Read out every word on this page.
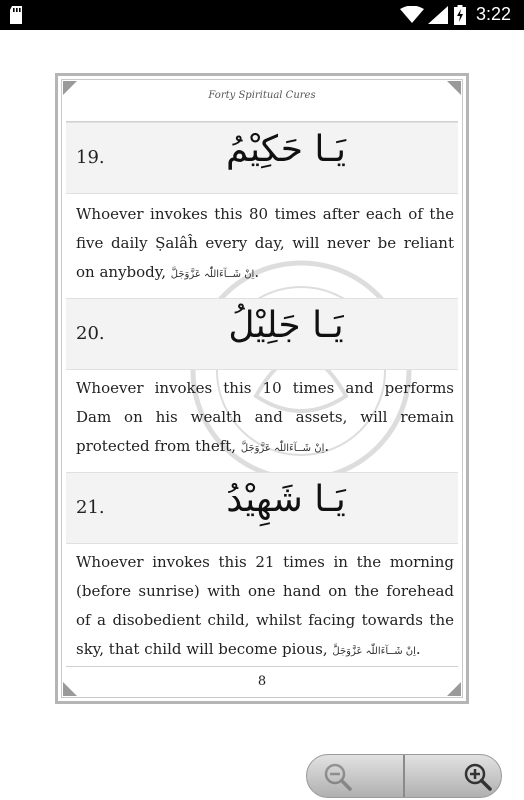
3:22
Forty Spiritual Cures
19.	يَـا حَكِيْمُ

Whoever invokes this 80 times after each of the five daily Ṣalâĥ every day, will never be reliant on anybody, اِنْ شَــآءَاللّٰہ عَزَّوَجَلَّ.

20.	يَـا جَلِيْلُ

Whoever invokes this 10 times and performs Dam on his wealth and assets, will remain protected from theft, اِنْ شَــآءَاللّٰہ عَزَّوَجَلَّ.

21.	يَـا شَهِيْدُ

Whoever invokes this 21 times in the morning (before sunrise) with one hand on the forehead of a disobedient child, whilst facing towards the sky, that child will become pious, اِنْ شَــآءَاللّٰہ عَزَّوَجَلَّ.

8
